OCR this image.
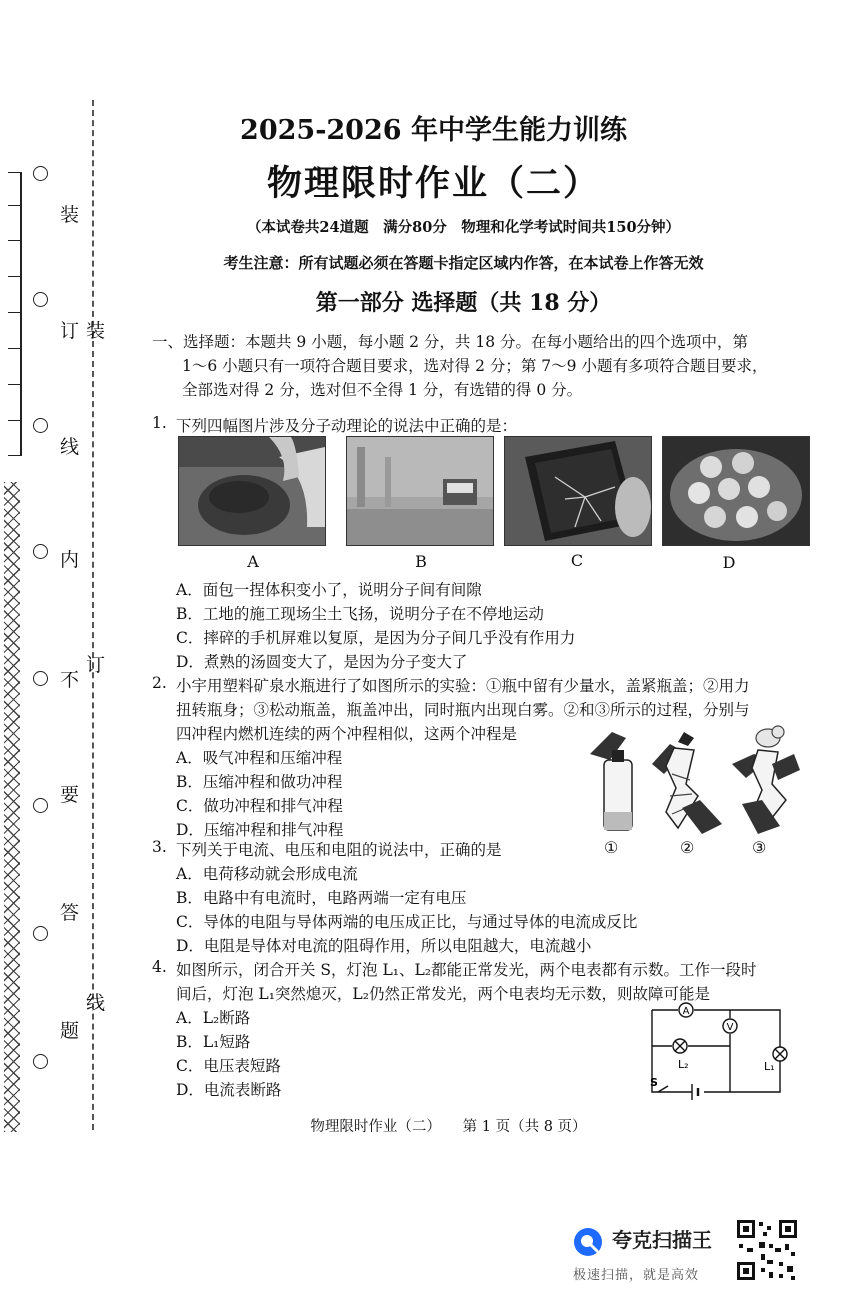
装
订
线
内
不
要
答
题
装
订
线
2025-2026 年中学生能力训练
物理限时作业（二）
（本试卷共24道题　满分80分　物理和化学考试时间共150分钟）
考生注意：所有试题必须在答题卡指定区域内作答，在本试卷上作答无效
第一部分 选择题（共 18 分）
一、选择题：本题共 9 小题，每小题 2 分，共 18 分。在每小题给出的四个选项中，第
1～6 小题只有一项符合题目要求，选对得 2 分；第 7～9 小题有多项符合题目要求，
全部选对得 2 分，选对但不全得 1 分，有选错的得 0 分。
1. 下列四幅图片涉及分子动理论的说法中正确的是：
A	B	C	D
A．面包一捏体积变小了，说明分子间有间隙
B．工地的施工现场尘土飞扬，说明分子在不停地运动
C．摔碎的手机屏难以复原，是因为分子间几乎没有作用力
D．煮熟的汤圆变大了，是因为分子变大了
2. 小宇用塑料矿泉水瓶进行了如图所示的实验：①瓶中留有少量水，盖紧瓶盖；②用力
扭转瓶身；③松动瓶盖，瓶盖冲出，同时瓶内出现白雾。②和③所示的过程，分别与
四冲程内燃机连续的两个冲程相似，这两个冲程是
A．吸气冲程和压缩冲程
B．压缩冲程和做功冲程
C．做功冲程和排气冲程
D．压缩冲程和排气冲程
①	②	③
3. 下列关于电流、电压和电阻的说法中，正确的是
A．电荷移动就会形成电流
B．电路中有电流时，电路两端一定有电压
C．导体的电阻与导体两端的电压成正比，与通过导体的电流成反比
D．电阻是导体对电流的阻碍作用，所以电阻越大，电流越小
4. 如图所示，闭合开关 S，灯泡 L₁、L₂都能正常发光，两个电表都有示数。工作一段时
间后，灯泡 L₁突然熄灭，L₂仍然正常发光，两个电表均无示数，则故障可能是
A．L₂断路
B．L₁短路
C．电压表短路
D．电流表断路
A
V
L₂	L₁
S
物理限时作业（二）　　第 1 页（共 8 页）
夸克扫描王
极速扫描，就是高效
